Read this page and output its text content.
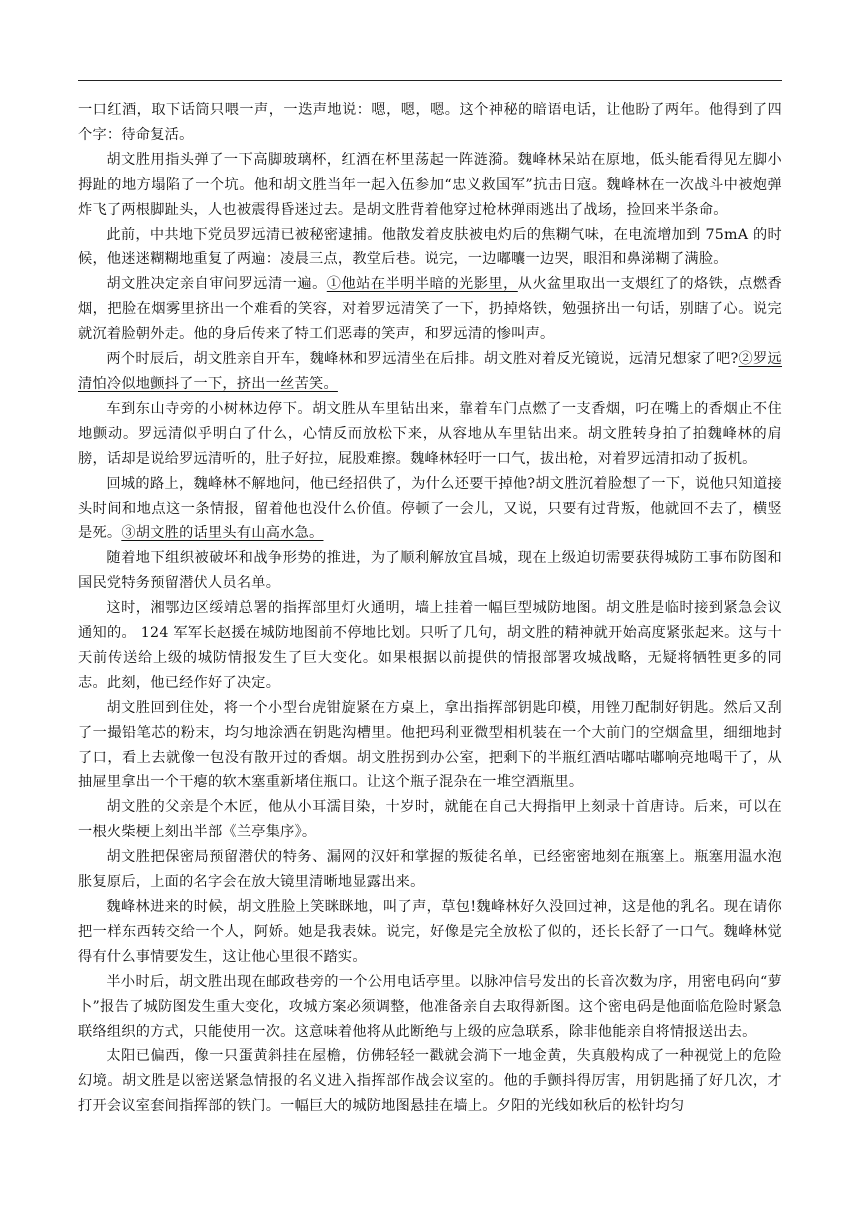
一口红酒，取下话筒只喂一声，一迭声地说：嗯，嗯，嗯。这个神秘的暗语电话，让他盼了两年。他得到了四个字：待命复活。

胡文胜用指头弹了一下高脚玻璃杯，红酒在杯里荡起一阵涟漪。魏峰林呆站在原地，低头能看得见左脚小拇趾的地方塌陷了一个坑。他和胡文胜当年一起入伍参加“忠义救国军”抗击日寇。魏峰林在一次战斗中被炮弹炸飞了两根脚趾头，人也被震得昏迷过去。是胡文胜背着他穿过枪林弹雨逃出了战场，捡回来半条命。

此前，中共地下党员罗远清已被秘密逮捕。他散发着皮肤被电灼后的焦糊气味，在电流增加到 75mA 的时候，他迷迷糊糊地重复了两遍：凌晨三点，教堂后巷。说完，一边嘟囔一边哭，眼泪和鼻涕糊了满脸。

胡文胜决定亲自审问罗远清一遍。①他站在半明半暗的光影里，从火盆里取出一支煨红了的烙铁，点燃香烟，把脸在烟雾里挤出一个难看的笑容，对着罗远清笑了一下，扔掉烙铁，勉强挤出一句话，别瞎了心。说完就沉着脸朝外走。他的身后传来了特工们恶毒的笑声，和罗远清的惨叫声。

两个时辰后，胡文胜亲自开车，魏峰林和罗远清坐在后排。胡文胜对着反光镜说，远清兄想家了吧?②罗远清怕冷似地颤抖了一下，挤出一丝苦笑。

车到东山寺旁的小树林边停下。胡文胜从车里钻出来，靠着车门点燃了一支香烟，叼在嘴上的香烟止不住地颤动。罗远清似乎明白了什么，心情反而放松下来，从容地从车里钻出来。胡文胜转身拍了拍魏峰林的肩膀，话却是说给罗远清听的，肚子好拉，屁股难擦。魏峰林轻吁一口气，拔出枪，对着罗远清扣动了扳机。

回城的路上，魏峰林不解地问，他已经招供了，为什么还要干掉他?胡文胜沉着脸想了一下，说他只知道接头时间和地点这一条情报，留着他也没什么价值。停顿了一会儿，又说，只要有过背叛，他就回不去了，横竖是死。③胡文胜的话里头有山高水急。

随着地下组织被破坏和战争形势的推进，为了顺利解放宜昌城，现在上级迫切需要获得城防工事布防图和国民党特务预留潜伏人员名单。

这时，湘鄂边区绥靖总署的指挥部里灯火通明，墙上挂着一幅巨型城防地图。胡文胜是临时接到紧急会议通知的。 124 军军长赵援在城防地图前不停地比划。只听了几句，胡文胜的精神就开始高度紧张起来。这与十天前传送给上级的城防情报发生了巨大变化。如果根据以前提供的情报部署攻城战略，无疑将牺牲更多的同志。此刻，他已经作好了决定。

胡文胜回到住处，将一个小型台虎钳旋紧在方桌上，拿出指挥部钥匙印模，用锉刀配制好钥匙。然后又刮了一撮铅笔芯的粉末，均匀地涂洒在钥匙沟槽里。他把玛利亚微型相机装在一个大前门的空烟盒里，细细地封了口，看上去就像一包没有散开过的香烟。胡文胜拐到办公室，把剩下的半瓶红酒咕嘟咕嘟响亮地喝干了，从抽屉里拿出一个干瘪的软木塞重新堵住瓶口。让这个瓶子混杂在一堆空酒瓶里。

胡文胜的父亲是个木匠，他从小耳濡目染，十岁时，就能在自己大拇指甲上刻录十首唐诗。后来，可以在一根火柴梗上刻出半部《兰亭集序》。

胡文胜把保密局预留潜伏的特务、漏网的汉奸和掌握的叛徒名单，已经密密地刻在瓶塞上。瓶塞用温水泡胀复原后，上面的名字会在放大镜里清晰地显露出来。

魏峰林进来的时候，胡文胜脸上笑眯眯地，叫了声，草包!魏峰林好久没回过神，这是他的乳名。现在请你把一样东西转交给一个人，阿娇。她是我表妹。说完，好像是完全放松了似的，还长长舒了一口气。魏峰林觉得有什么事情要发生，这让他心里很不踏实。

半小时后，胡文胜出现在邮政巷旁的一个公用电话亭里。以脉冲信号发出的长音次数为序，用密电码向“萝卜”报告了城防图发生重大变化，攻城方案必须调整，他准备亲自去取得新图。这个密电码是他面临危险时紧急联络组织的方式，只能使用一次。这意味着他将从此断绝与上级的应急联系，除非他能亲自将情报送出去。

太阳已偏西，像一只蛋黄斜挂在屋檐，仿佛轻轻一戳就会淌下一地金黄，失真般构成了一种视觉上的危险幻境。胡文胜是以密送紧急情报的名义进入指挥部作战会议室的。他的手颤抖得厉害，用钥匙捅了好几次，才打开会议室套间指挥部的铁门。一幅巨大的城防地图悬挂在墙上。夕阳的光线如秋后的松针均匀
